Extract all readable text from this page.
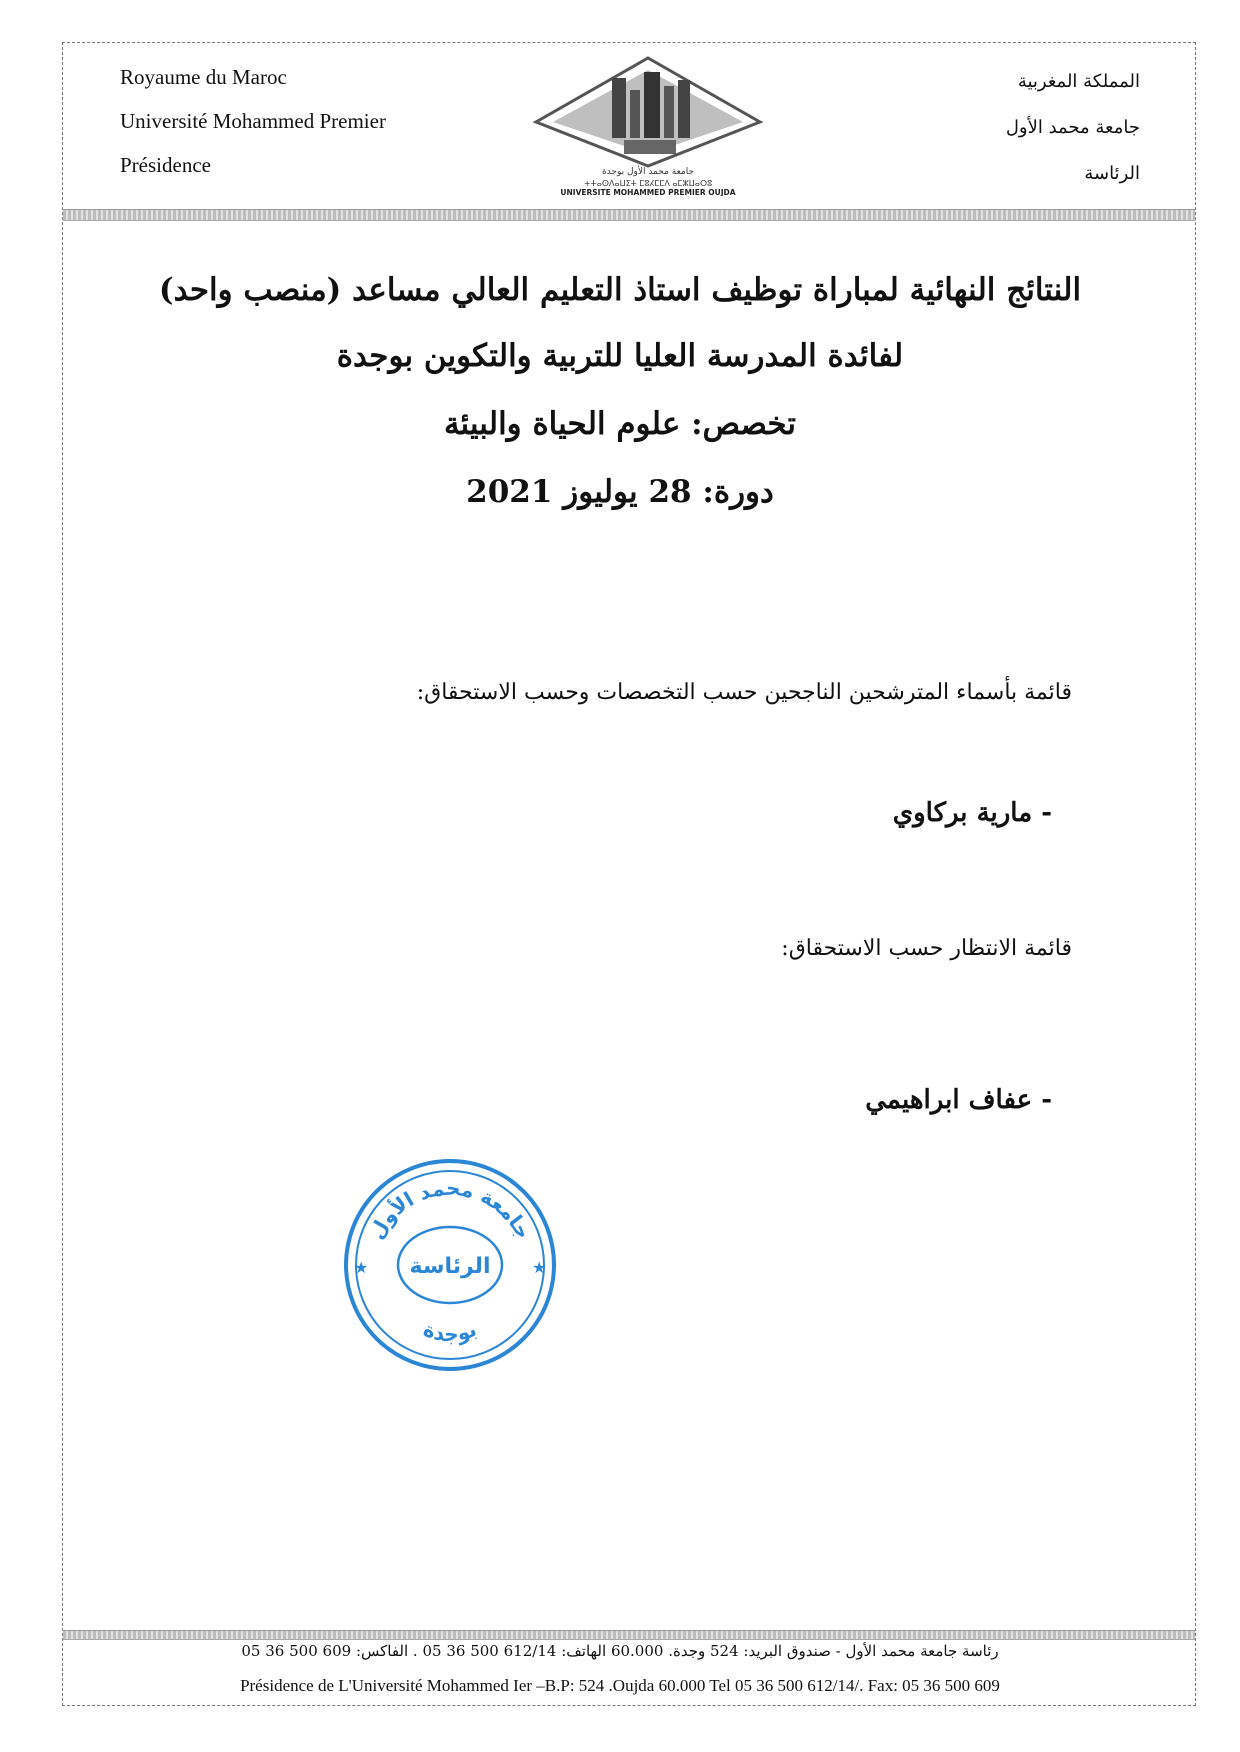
Royaume du Maroc
Université Mohammed Premier
Présidence	جامعة محمد الأول بوجدة
+ⵜⴰⵙⴷⴰⵡⵉⵜ ⵎⵓⵃⵎⵎⴷ ⴰⵎⵣⵡⴰⵔⵓ
UNIVERSITE MOHAMMED PREMIER OUJDA
المملكة المغربية
جامعة محمد الأول
الرئاسة
النتائج النهائية لمباراة توظيف استاذ التعليم العالي مساعد (منصب واحد)
لفائدة المدرسة العليا للتربية والتكوين بوجدة
تخصص: علوم الحياة والبيئة
دورة: 28 يوليوز 2021
قائمة بأسماء المترشحين الناجحين حسب التخصصات وحسب الاستحقاق:
- مارية بركاوي
قائمة الانتظار حسب الاستحقاق:
- عفاف ابراهيمي
جامعة محمد الأول
الرئاسة
بوجدة
★	★
رئاسة جامعة محمد الأول - صندوق البريد: 524 وجدة. 60.000 الهاتف: 612/14 500 36 05 . الفاكس: 609 500 36 05
Présidence de L'Université Mohammed Ier –B.P: 524 .Oujda 60.000 Tel 05 36 500 612/14/. Fax: 05 36 500 609
